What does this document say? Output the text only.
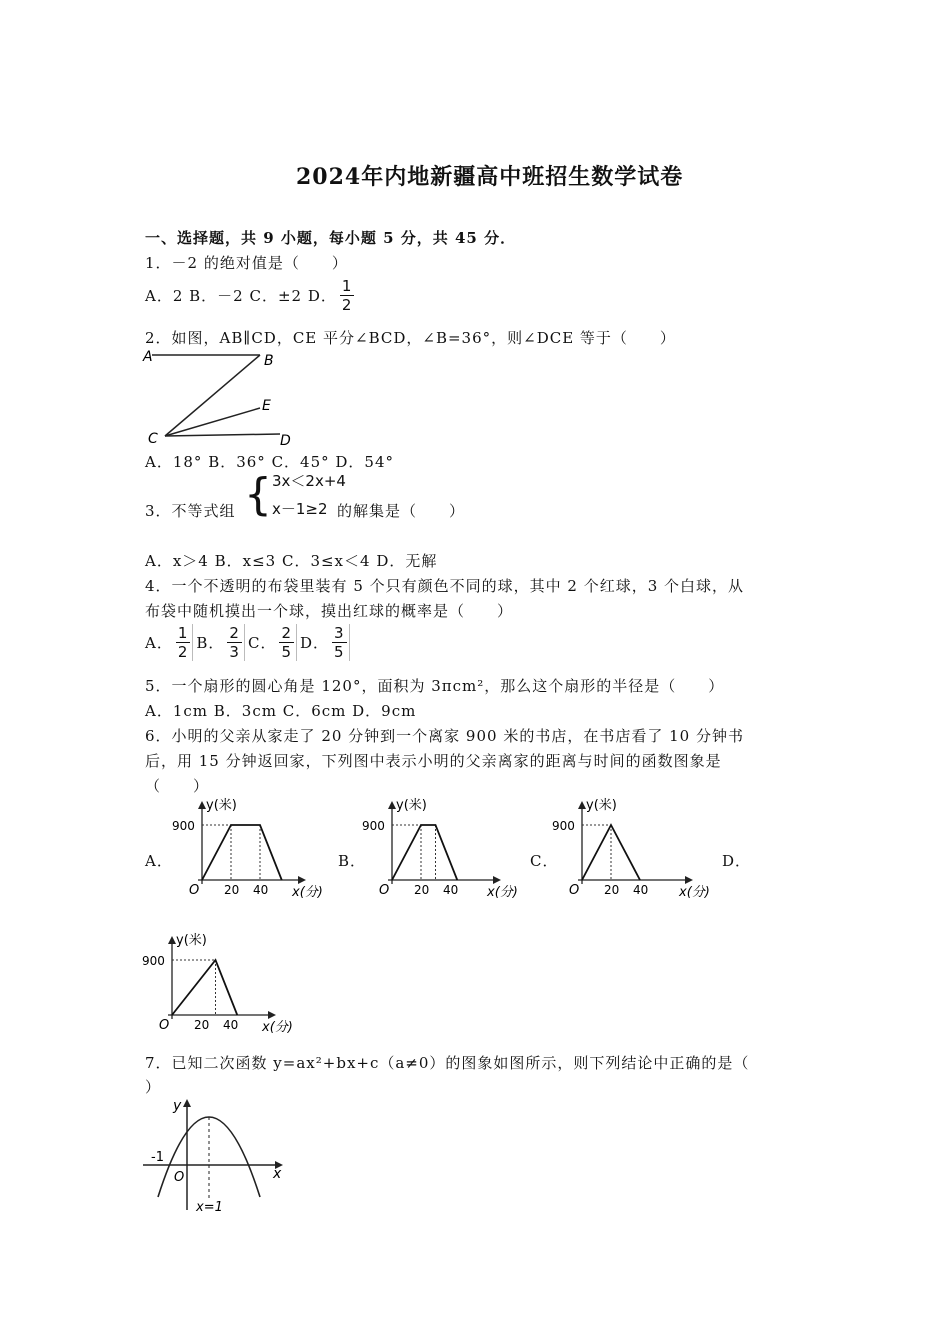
2024年内地新疆高中班招生数学试卷
一、选择题，共 9 小题，每小题 5 分，共 45 分．
1．－2 的绝对值是（　　）
A．2 B．－2 C．±2 D． $\frac{1}{2}$
2．如图，AB∥CD，CE 平分∠BCD，∠B=36°，则∠DCE 等于（　　）
A	B
E
C	D
A．18° B．36° C．45° D．54°
3．不等式组 { 3x＜2x+4
x－1≥2 的解集是（　　）
A．x＞4 B．x≤3 C．3≤x＜4 D．无解
4．一个不透明的布袋里装有 5 个只有颜色不同的球，其中 2 个红球，3 个白球，从
布袋中随机摸出一个球，摸出红球的概率是（　　）
A． $\frac{1}{2}$ B． $\frac{2}{3}$ C． $\frac{2}{5}$ D． $\frac{3}{5}$
5．一个扇形的圆心角是 120°，面积为 3πcm²，那么这个扇形的半径是（　　）
A．1cm B．3cm C．6cm D．9cm
6．小明的父亲从家走了 20 分钟到一个离家 900 米的书店，在书店看了 10 分钟书
后，用 15 分钟返回家，下列图中表示小明的父亲离家的距离与时间的函数图象是
（　　）
A．	B．	C．	D．
y(米)
900
20 40
O	x(分)
y(米)
900
20 40
O	x(分)
y(米)
900
20 40
O	x(分)
y(米)
900
20 40
O	x(分)
7．已知二次函数 y=ax²+bx+c（a≠0）的图象如图所示，则下列结论中正确的是（
）
y
x
O
-1
x=1
